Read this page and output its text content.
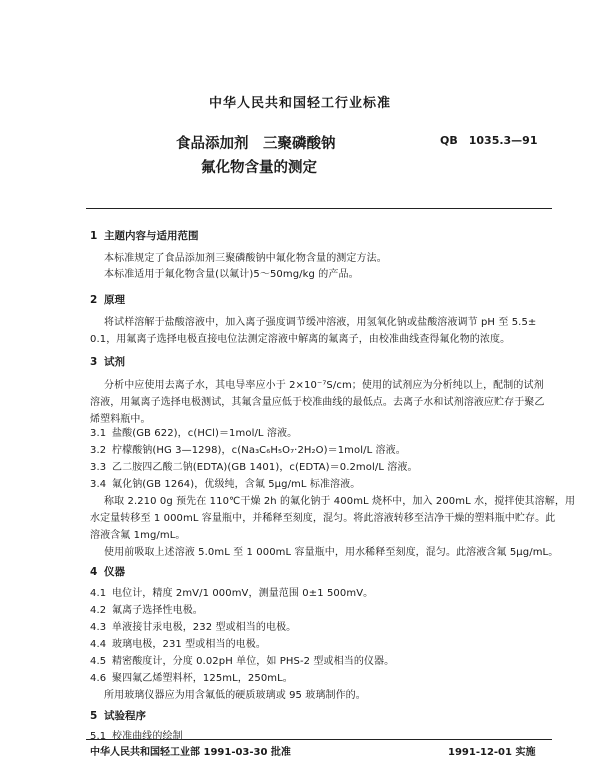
中华人民共和国轻工行业标准
食品添加剂　三聚磷酸钠
氟化物含量的测定
QB　1035.3—91
1 主题内容与适用范围
本标准规定了食品添加剂三聚磷酸钠中氟化物含量的测定方法。
本标准适用于氟化物含量(以氟计)5～50mg/kg 的产品。
2 原理
将试样溶解于盐酸溶液中，加入离子强度调节缓冲溶液，用氢氧化钠或盐酸溶液调节 pH 至 5.5±
0.1，用氟离子选择电极直接电位法测定溶液中解离的氟离子，由校准曲线查得氟化物的浓度。
3 试剂
分析中应使用去离子水，其电导率应小于 2×10⁻⁷S/cm；使用的试剂应为分析纯以上，配制的试剂
溶液，用氟离子选择电极测试，其氟含量应低于校准曲线的最低点。去离子水和试剂溶液应贮存于聚乙
烯塑料瓶中。
3.1 盐酸(GB 622)，c(HCl)＝1mol/L 溶液。
3.2 柠檬酸钠(HG 3—1298)，c(Na₃C₆H₅O₇·2H₂O)＝1mol/L 溶液。
3.3 乙二胺四乙酸二钠(EDTA)(GB 1401)，c(EDTA)＝0.2mol/L 溶液。
3.4 氟化钠(GB 1264)，优级纯，含氟 5μg/mL 标准溶液。
称取 2.210 0g 预先在 110℃干燥 2h 的氟化钠于 400mL 烧杯中，加入 200mL 水，搅拌使其溶解，用
水定量转移至 1 000mL 容量瓶中，并稀释至刻度，混匀。将此溶液转移至洁净干燥的塑料瓶中贮存。此
溶液含氟 1mg/mL。
使用前吸取上述溶液 5.0mL 至 1 000mL 容量瓶中，用水稀释至刻度，混匀。此溶液含氟 5μg/mL。
4 仪器
4.1 电位计，精度 2mV/1 000mV，测量范围 0±1 500mV。
4.2 氟离子选择性电极。
4.3 单液接甘汞电极，232 型或相当的电极。
4.4 玻璃电极，231 型或相当的电极。
4.5 精密酸度计，分度 0.02pH 单位，如 PHS-2 型或相当的仪器。
4.6 聚四氟乙烯塑料杯，125mL，250mL。
所用玻璃仪器应为用含氟低的硬质玻璃或 95 玻璃制作的。
5 试验程序
5.1 校准曲线的绘制
中华人民共和国轻工业部 1991-03-30 批准	1991-12-01 实施
